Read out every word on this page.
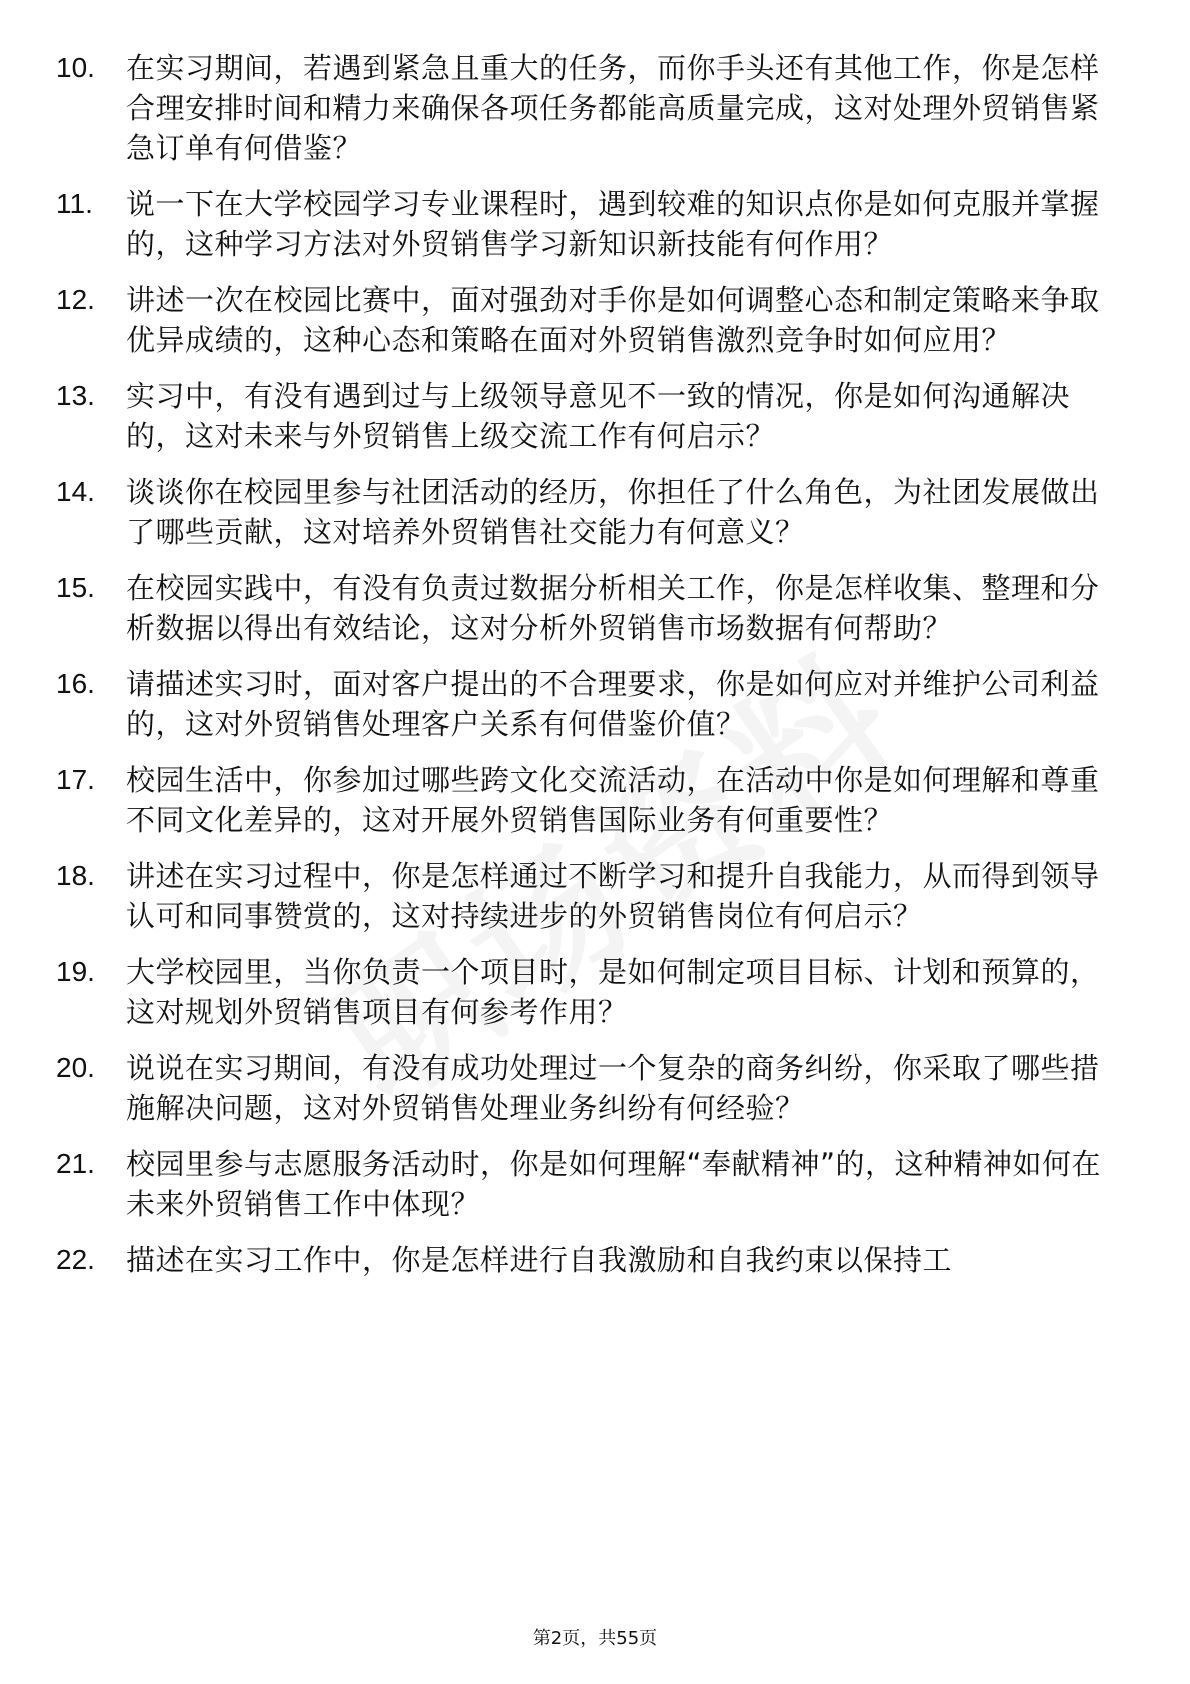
10.	在实习期间，若遇到紧急且重大的任务，而你手头还有其他工作，你是怎样合理安排时间和精力来确保各项任务都能高质量完成，这对处理外贸销售紧急订单有何借鉴？
11.	说一下在大学校园学习专业课程时，遇到较难的知识点你是如何克服并掌握的，这种学习方法对外贸销售学习新知识新技能有何作用？
12.	讲述一次在校园比赛中，面对强劲对手你是如何调整心态和制定策略来争取优异成绩的，这种心态和策略在面对外贸销售激烈竞争时如何应用？
13.	实习中，有没有遇到过与上级领导意见不一致的情况，你是如何沟通解决的，这对未来与外贸销售上级交流工作有何启示？
14.	谈谈你在校园里参与社团活动的经历，你担任了什么角色，为社团发展做出了哪些贡献，这对培养外贸销售社交能力有何意义？
15.	在校园实践中，有没有负责过数据分析相关工作，你是怎样收集、整理和分析数据以得出有效结论，这对分析外贸销售市场数据有何帮助？
16.	请描述实习时，面对客户提出的不合理要求，你是如何应对并维护公司利益的，这对外贸销售处理客户关系有何借鉴价值？
17.	校园生活中，你参加过哪些跨文化交流活动，在活动中你是如何理解和尊重不同文化差异的，这对开展外贸销售国际业务有何重要性？
18.	讲述在实习过程中，你是怎样通过不断学习和提升自我能力，从而得到领导认可和同事赞赏的，这对持续进步的外贸销售岗位有何启示？
19.	大学校园里，当你负责一个项目时，是如何制定项目目标、计划和预算的，这对规划外贸销售项目有何参考作用？
20.	说说在实习期间，有没有成功处理过一个复杂的商务纠纷，你采取了哪些措施解决问题，这对外贸销售处理业务纠纷有何经验？
21.	校园里参与志愿服务活动时，你是如何理解“奉献精神”的，这种精神如何在未来外贸销售工作中体现？
22.	描述在实习工作中，你是怎样进行自我激励和自我约束以保持工
第2页，共55页
